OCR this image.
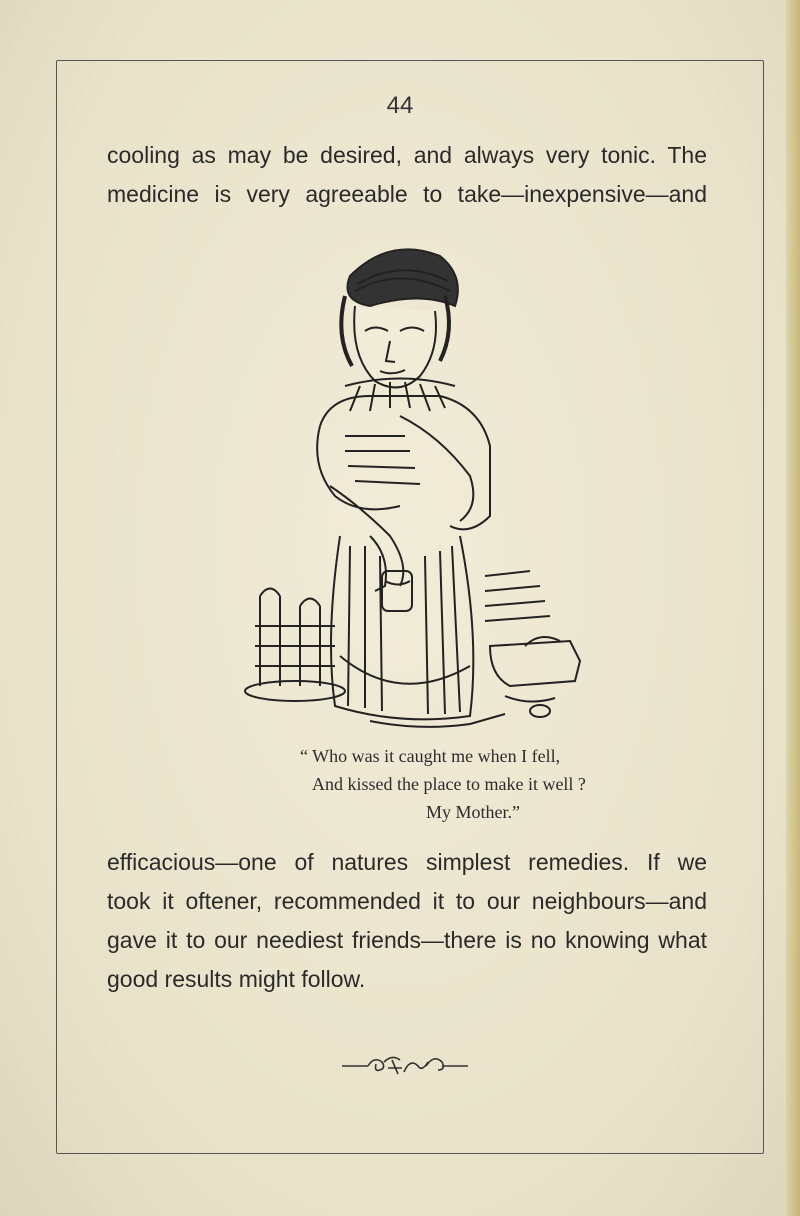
44
cooling as may be desired, and always very tonic. The
medicine is very agreeable to take—inexpensive—and
“ Who was it caught me when I fell,
And kissed the place to make it well ?
My Mother.”
efficacious—one of natures simplest remedies. If we
took it oftener, recommended it to our neighbours—and
gave it to our neediest friends—there is no knowing what
good results might follow.
